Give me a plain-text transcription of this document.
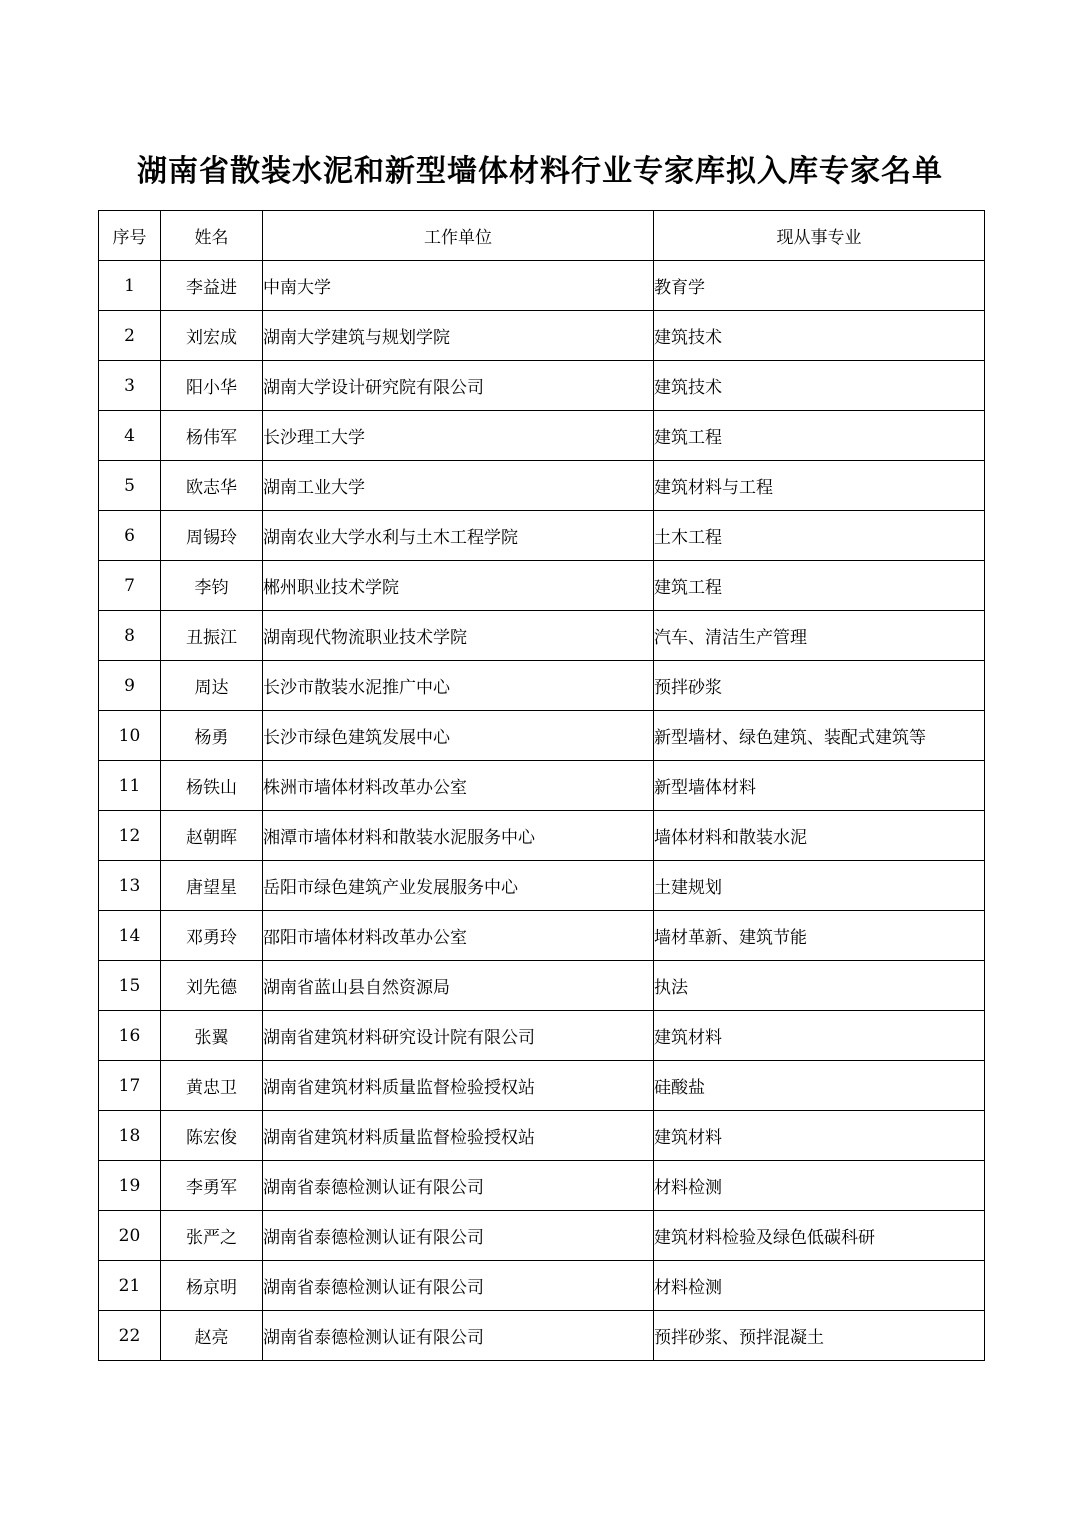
湖南省散装水泥和新型墙体材料行业专家库拟入库专家名单
序号	姓名	工作单位	现从事专业
1	李益进	中南大学	教育学
2	刘宏成	湖南大学建筑与规划学院	建筑技术
3	阳小华	湖南大学设计研究院有限公司	建筑技术
4	杨伟军	长沙理工大学	建筑工程
5	欧志华	湖南工业大学	建筑材料与工程
6	周锡玲	湖南农业大学水利与土木工程学院	土木工程
7	李钧	郴州职业技术学院	建筑工程
8	丑振江	湖南现代物流职业技术学院	汽车、清洁生产管理
9	周达	长沙市散装水泥推广中心	预拌砂浆
10	杨勇	长沙市绿色建筑发展中心	新型墙材、绿色建筑、装配式建筑等
11	杨铁山	株洲市墙体材料改革办公室	新型墙体材料
12	赵朝晖	湘潭市墙体材料和散装水泥服务中心	墙体材料和散装水泥
13	唐望星	岳阳市绿色建筑产业发展服务中心	土建规划
14	邓勇玲	邵阳市墙体材料改革办公室	墙材革新、建筑节能
15	刘先德	湖南省蓝山县自然资源局	执法
16	张翼	湖南省建筑材料研究设计院有限公司	建筑材料
17	黄忠卫	湖南省建筑材料质量监督检验授权站	硅酸盐
18	陈宏俊	湖南省建筑材料质量监督检验授权站	建筑材料
19	李勇军	湖南省泰德检测认证有限公司	材料检测
20	张严之	湖南省泰德检测认证有限公司	建筑材料检验及绿色低碳科研
21	杨京明	湖南省泰德检测认证有限公司	材料检测
22	赵亮	湖南省泰德检测认证有限公司	预拌砂浆、预拌混凝土
